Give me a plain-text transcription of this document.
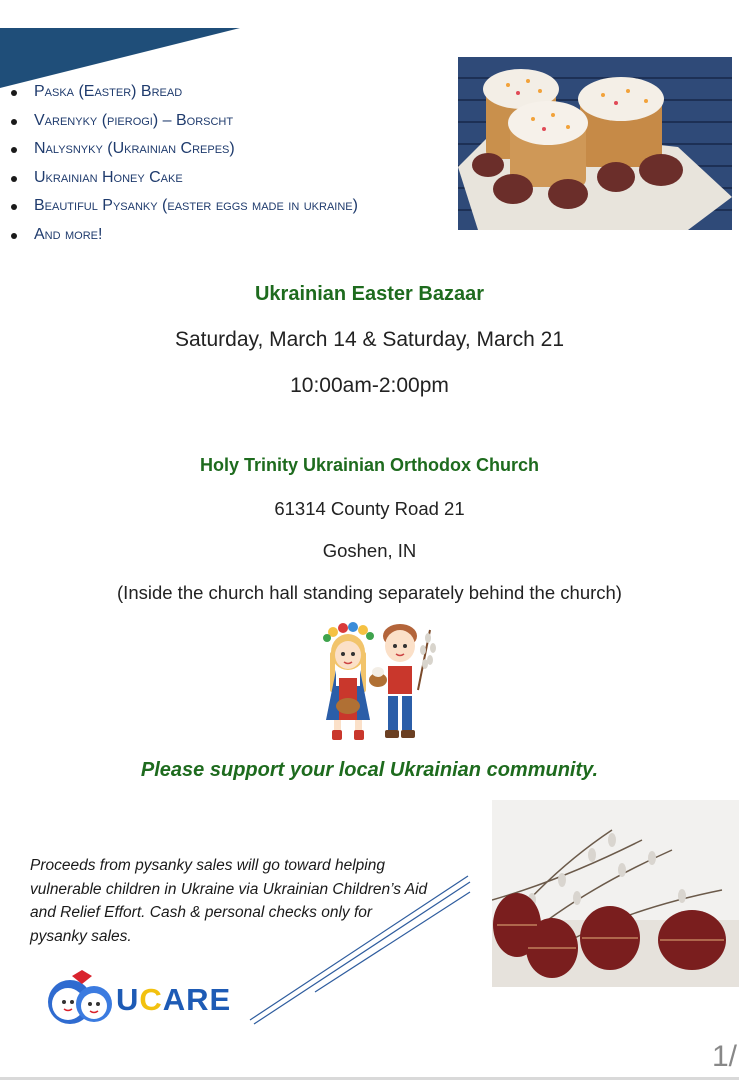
Paska (Easter) Bread
Varenyky (pierogi) – Borscht
Nalysnyky (Ukrainian Crepes)
Ukrainian Honey Cake
Beautiful Pysanky (easter eggs made in ukraine)
And more!
Ukrainian Easter Bazaar
Saturday, March 14 & Saturday, March 21
10:00am-2:00pm
Holy Trinity Ukrainian Orthodox Church
61314 County Road 21
Goshen, IN
(Inside the church hall standing separately behind the church)
Please support your local Ukrainian community.
Proceeds from pysanky sales will go toward helping vulnerable children in Ukraine via Ukrainian Children’s Aid and Relief Effort. Cash & personal checks only for pysanky sales.
UCARE
1/
